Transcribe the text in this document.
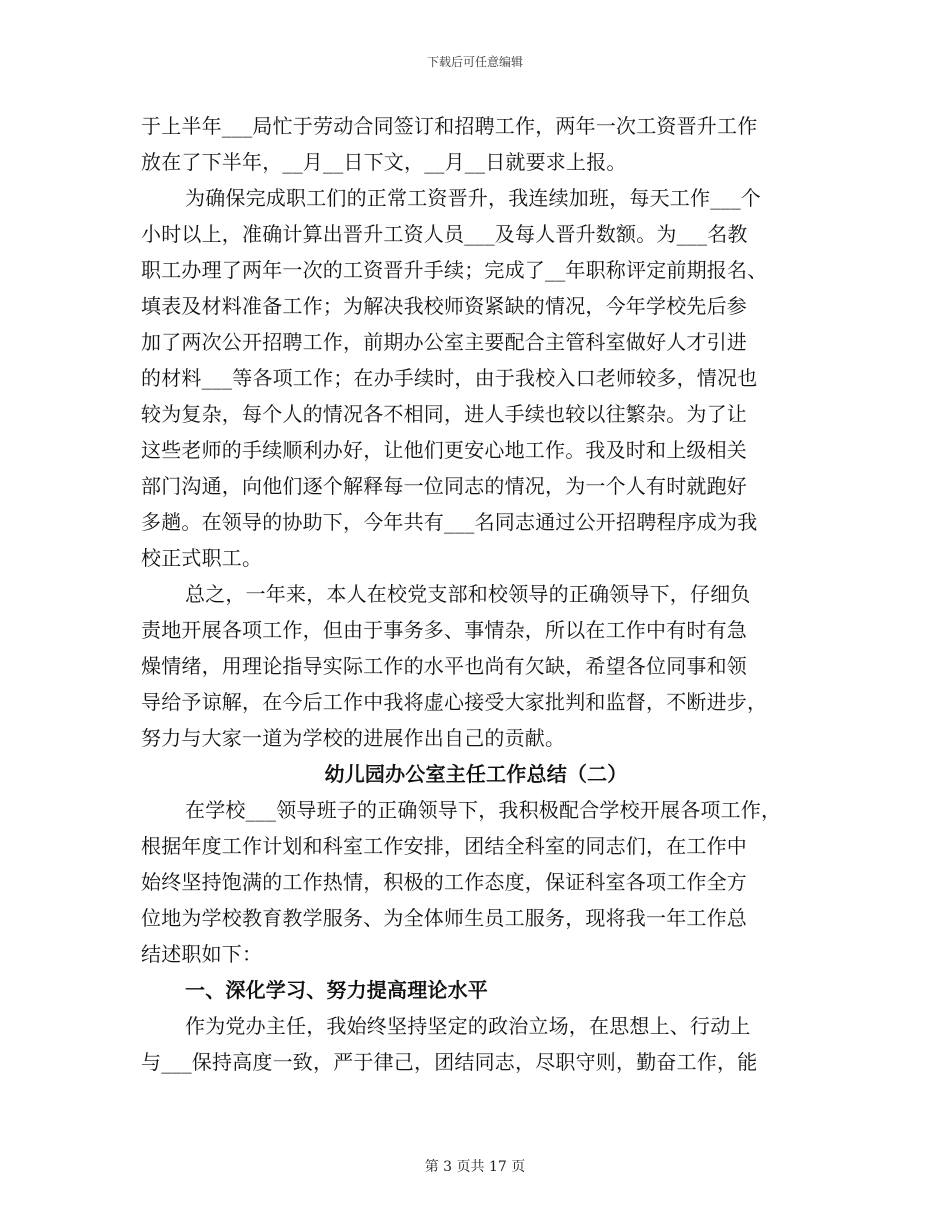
下载后可任意编辑
于上半年___局忙于劳动合同签订和招聘工作，两年一次工资晋升工作
放在了下半年，__月__日下文，__月__日就要求上报。
为确保完成职工们的正常工资晋升，我连续加班，每天工作___个
小时以上，准确计算出晋升工资人员___及每人晋升数额。为___名教
职工办理了两年一次的工资晋升手续；完成了__年职称评定前期报名、
填表及材料准备工作；为解决我校师资紧缺的情况，今年学校先后参
加了两次公开招聘工作，前期办公室主要配合主管科室做好人才引进
的材料___等各项工作；在办手续时，由于我校入口老师较多，情况也
较为复杂，每个人的情况各不相同，进人手续也较以往繁杂。为了让
这些老师的手续顺利办好，让他们更安心地工作。我及时和上级相关
部门沟通，向他们逐个解释每一位同志的情况，为一个人有时就跑好
多趟。在领导的协助下，今年共有___名同志通过公开招聘程序成为我
校正式职工。
总之，一年来，本人在校党支部和校领导的正确领导下，仔细负
责地开展各项工作，但由于事务多、事情杂，所以在工作中有时有急
燥情绪，用理论指导实际工作的水平也尚有欠缺，希望各位同事和领
导给予谅解，在今后工作中我将虚心接受大家批判和监督，不断进步，
努力与大家一道为学校的进展作出自己的贡献。
幼儿园办公室主任工作总结（二）
在学校___领导班子的正确领导下，我积极配合学校开展各项工作，
根据年度工作计划和科室工作安排，团结全科室的同志们，在工作中
始终坚持饱满的工作热情，积极的工作态度，保证科室各项工作全方
位地为学校教育教学服务、为全体师生员工服务，现将我一年工作总
结述职如下：
一、深化学习、努力提高理论水平
作为党办主任，我始终坚持坚定的政治立场，在思想上、行动上
与___保持高度一致，严于律己，团结同志，尽职守则，勤奋工作，能
第 3 页共 17 页
